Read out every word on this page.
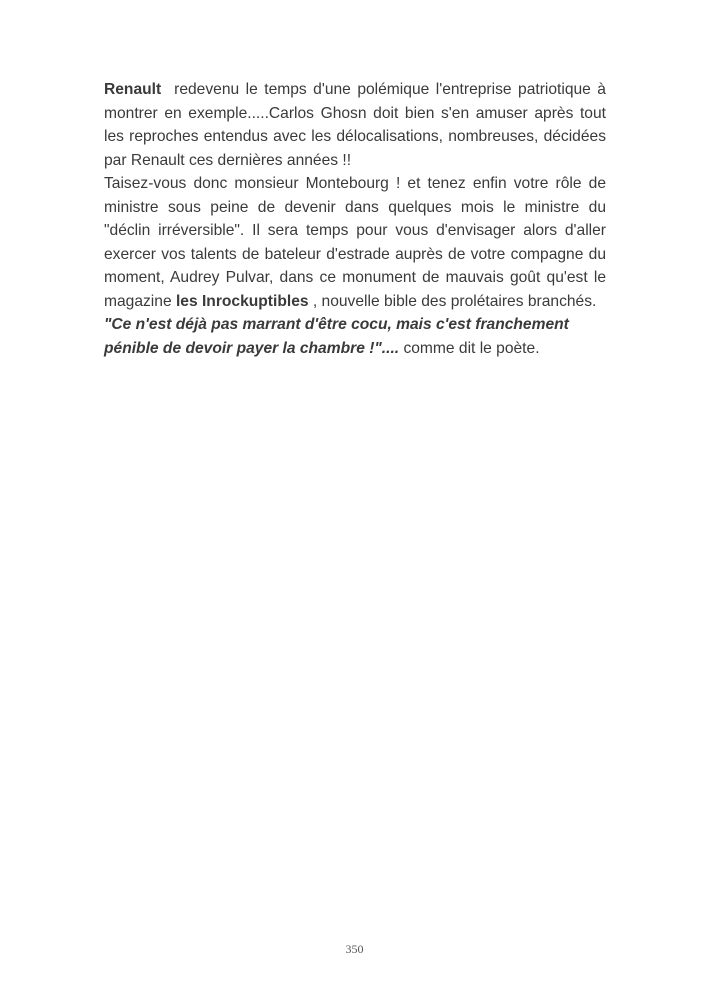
Renault  redevenu le temps d'une polémique l'entreprise patriotique à montrer en exemple.....Carlos Ghosn doit bien s'en amuser après tout les reproches entendus avec les délocalisations, nombreuses, décidées par Renault ces dernières années !!

Taisez-vous donc monsieur Montebourg ! et tenez enfin votre rôle de ministre sous peine de devenir dans quelques mois le ministre du "déclin irréversible". Il sera temps pour vous d'envisager alors d'aller exercer vos talents de bateleur d'estrade auprès de votre compagne du moment, Audrey Pulvar, dans ce monument de mauvais goût qu'est le magazine les Inrockuptibles , nouvelle bible des prolétaires branchés.

"Ce n'est déjà pas marrant d'être cocu, mais c'est franchement pénible de devoir payer la chambre !".... comme dit le poète.

350
